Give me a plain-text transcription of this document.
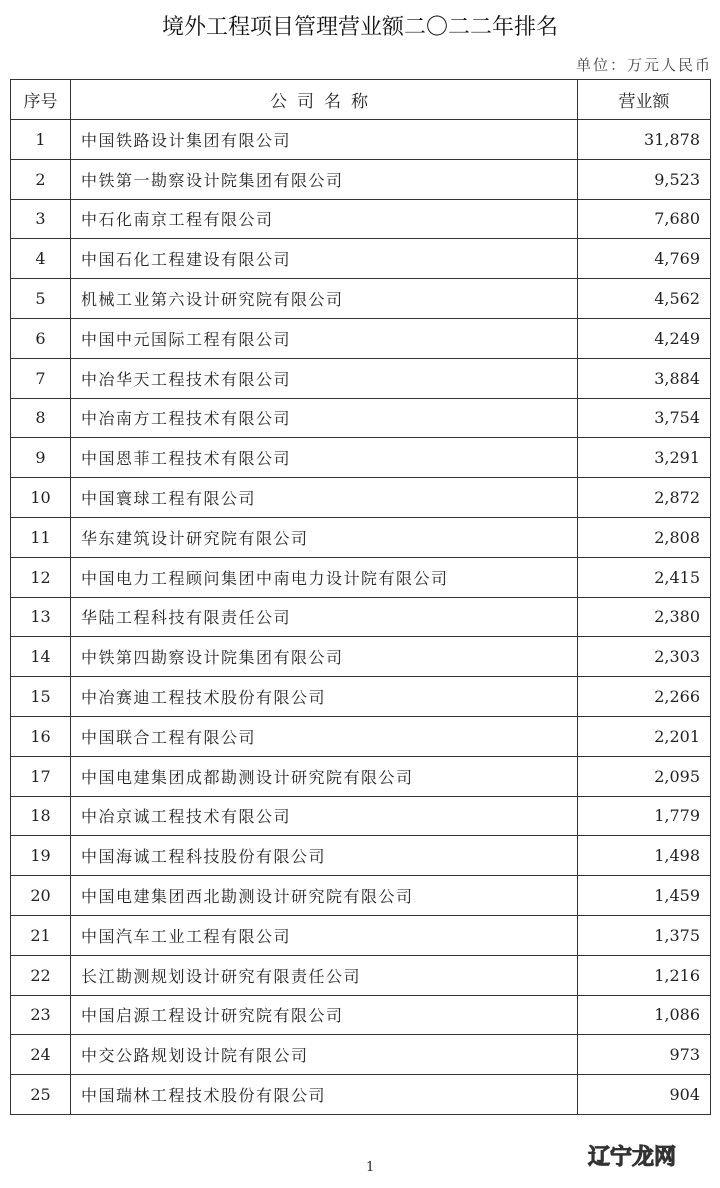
境外工程项目管理营业额二〇二二年排名
单位：万元人民币
序号	公司名称	营业额
1	中国铁路设计集团有限公司	31,878
2	中铁第一勘察设计院集团有限公司	9,523
3	中石化南京工程有限公司	7,680
4	中国石化工程建设有限公司	4,769
5	机械工业第六设计研究院有限公司	4,562
6	中国中元国际工程有限公司	4,249
7	中冶华天工程技术有限公司	3,884
8	中冶南方工程技术有限公司	3,754
9	中国恩菲工程技术有限公司	3,291
10	中国寰球工程有限公司	2,872
11	华东建筑设计研究院有限公司	2,808
12	中国电力工程顾问集团中南电力设计院有限公司	2,415
13	华陆工程科技有限责任公司	2,380
14	中铁第四勘察设计院集团有限公司	2,303
15	中冶赛迪工程技术股份有限公司	2,266
16	中国联合工程有限公司	2,201
17	中国电建集团成都勘测设计研究院有限公司	2,095
18	中冶京诚工程技术有限公司	1,779
19	中国海诚工程科技股份有限公司	1,498
20	中国电建集团西北勘测设计研究院有限公司	1,459
21	中国汽车工业工程有限公司	1,375
22	长江勘测规划设计研究有限责任公司	1,216
23	中国启源工程设计研究院有限公司	1,086
24	中交公路规划设计院有限公司	973
25	中国瑞林工程技术股份有限公司	904
1	辽宁龙网
